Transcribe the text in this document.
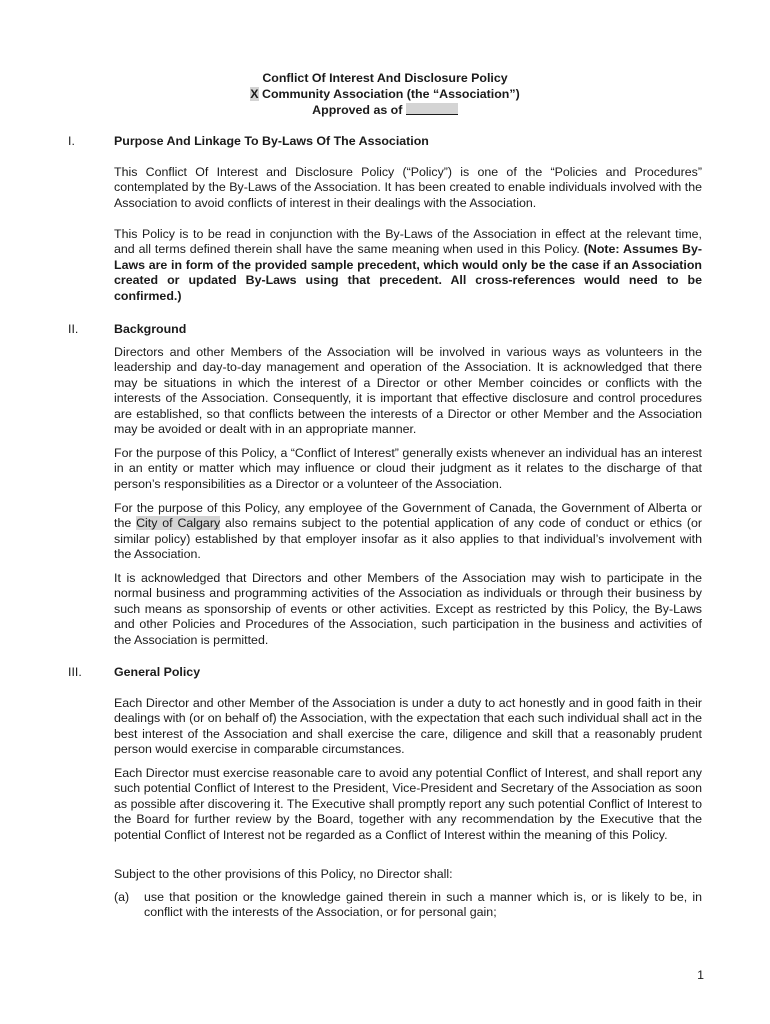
Conflict Of Interest And Disclosure Policy
X Community Association (the “Association”)
Approved as of
I.	Purpose And Linkage To By-Laws Of The Association

This Conflict Of Interest and Disclosure Policy (“Policy”) is one of the “Policies and Procedures” contemplated by the By-Laws of the Association. It has been created to enable individuals involved with the Association to avoid conflicts of interest in their dealings with the Association.

This Policy is to be read in conjunction with the By-Laws of the Association in effect at the relevant time, and all terms defined therein shall have the same meaning when used in this Policy. (Note: Assumes By-Laws are in form of the provided sample precedent, which would only be the case if an Association created or updated By-Laws using that precedent. All cross-references would need to be confirmed.)

II.	Background

Directors and other Members of the Association will be involved in various ways as volunteers in the leadership and day-to-day management and operation of the Association. It is acknowledged that there may be situations in which the interest of a Director or other Member coincides or conflicts with the interests of the Association. Consequently, it is important that effective disclosure and control procedures are established, so that conflicts between the interests of a Director or other Member and the Association may be avoided or dealt with in an appropriate manner.

For the purpose of this Policy, a “Conflict of Interest” generally exists whenever an individual has an interest in an entity or matter which may influence or cloud their judgment as it relates to the discharge of that person’s responsibilities as a Director or a volunteer of the Association.

For the purpose of this Policy, any employee of the Government of Canada, the Government of Alberta or the City of Calgary also remains subject to the potential application of any code of conduct or ethics (or similar policy) established by that employer insofar as it also applies to that individual’s involvement with the Association.

It is acknowledged that Directors and other Members of the Association may wish to participate in the normal business and programming activities of the Association as individuals or through their business by such means as sponsorship of events or other activities. Except as restricted by this Policy, the By-Laws and other Policies and Procedures of the Association, such participation in the business and activities of the Association is permitted.

III.	General Policy

Each Director and other Member of the Association is under a duty to act honestly and in good faith in their dealings with (or on behalf of) the Association, with the expectation that each such individual shall act in the best interest of the Association and shall exercise the care, diligence and skill that a reasonably prudent person would exercise in comparable circumstances.

Each Director must exercise reasonable care to avoid any potential Conflict of Interest, and shall report any such potential Conflict of Interest to the President, Vice-President and Secretary of the Association as soon as possible after discovering it. The Executive shall promptly report any such potential Conflict of Interest to the Board for further review by the Board, together with any recommendation by the Executive that the potential Conflict of Interest not be regarded as a Conflict of Interest within the meaning of this Policy.

Subject to the other provisions of this Policy, no Director shall:

(a) use that position or the knowledge gained therein in such a manner which is, or is likely to be, in conflict with the interests of the Association, or for personal gain;

1
